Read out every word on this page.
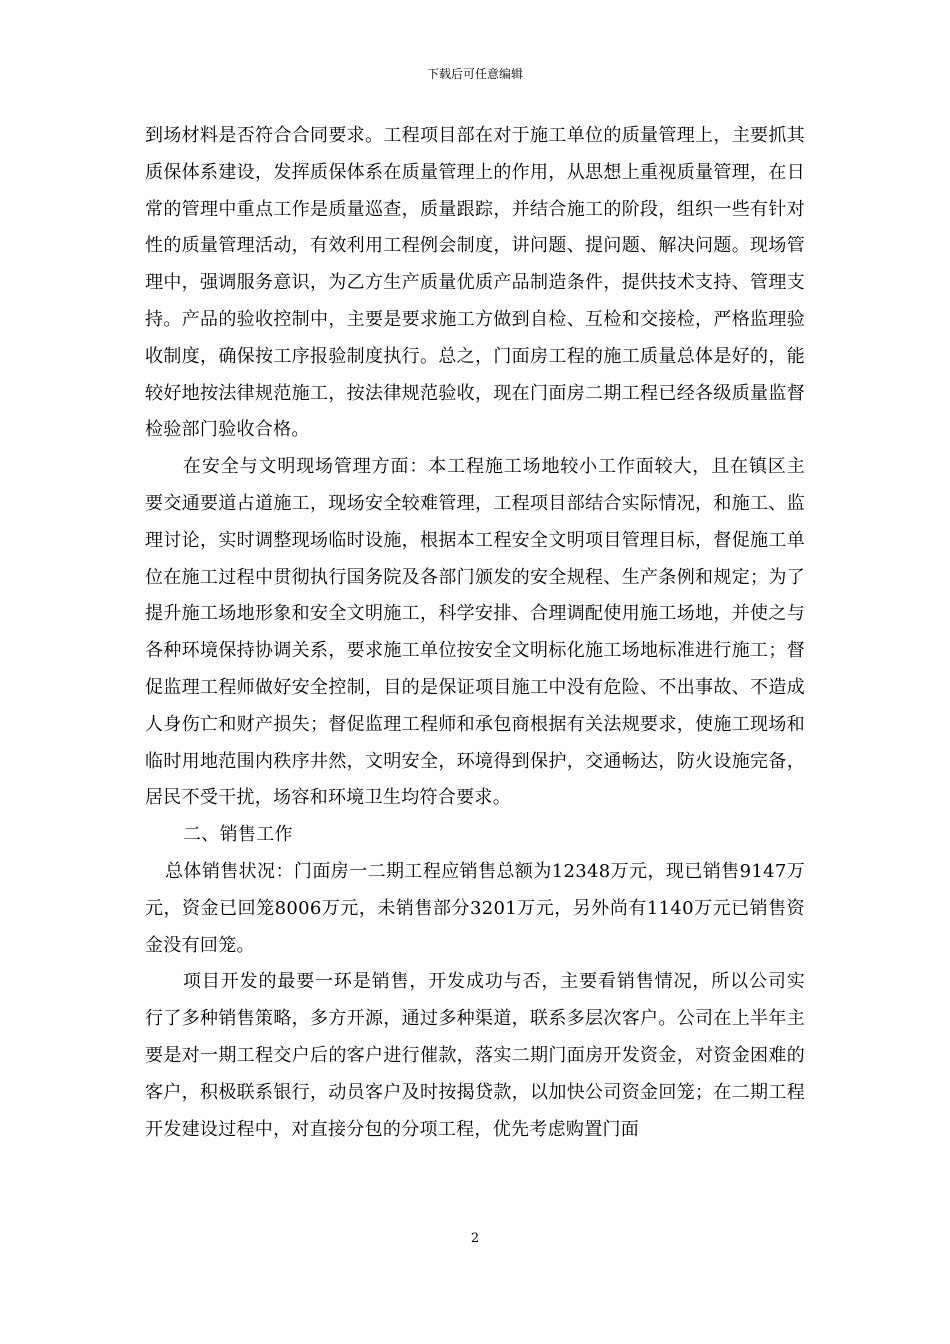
下载后可任意编辑

到场材料是否符合合同要求。工程项目部在对于施工单位的质量管理上，主要抓其质保体系建设，发挥质保体系在质量管理上的作用，从思想上重视质量管理，在日常的管理中重点工作是质量巡查，质量跟踪，并结合施工的阶段，组织一些有针对性的质量管理活动，有效利用工程例会制度，讲问题、提问题、解决问题。现场管理中，强调服务意识，为乙方生产质量优质产品制造条件，提供技术支持、管理支持。产品的验收控制中，主要是要求施工方做到自检、互检和交接检，严格监理验收制度，确保按工序报验制度执行。总之，门面房工程的施工质量总体是好的，能较好地按法律规范施工，按法律规范验收，现在门面房二期工程已经各级质量监督检验部门验收合格。

在安全与文明现场管理方面：本工程施工场地较小工作面较大，且在镇区主要交通要道占道施工，现场安全较难管理，工程项目部结合实际情况，和施工、监理讨论，实时调整现场临时设施，根据本工程安全文明项目管理目标，督促施工单位在施工过程中贯彻执行国务院及各部门颁发的安全规程、生产条例和规定；为了提升施工场地形象和安全文明施工，科学安排、合理调配使用施工场地，并使之与各种环境保持协调关系，要求施工单位按安全文明标化施工场地标准进行施工；督促监理工程师做好安全控制，目的是保证项目施工中没有危险、不出事故、不造成人身伤亡和财产损失；督促监理工程师和承包商根据有关法规要求，使施工现场和临时用地范围内秩序井然，文明安全，环境得到保护，交通畅达，防火设施完备，居民不受干扰，场容和环境卫生均符合要求。

二、销售工作

总体销售状况：门面房一二期工程应销售总额为12348万元，现已销售9147万元，资金已回笼8006万元，未销售部分3201万元，另外尚有1140万元已销售资金没有回笼。

项目开发的最要一环是销售，开发成功与否，主要看销售情况，所以公司实行了多种销售策略，多方开源，通过多种渠道，联系多层次客户。公司在上半年主要是对一期工程交户后的客户进行催款，落实二期门面房开发资金，对资金困难的客户，积极联系银行，动员客户及时按揭贷款，以加快公司资金回笼；在二期工程开发建设过程中，对直接分包的分项工程，优先考虑购置门面

2
